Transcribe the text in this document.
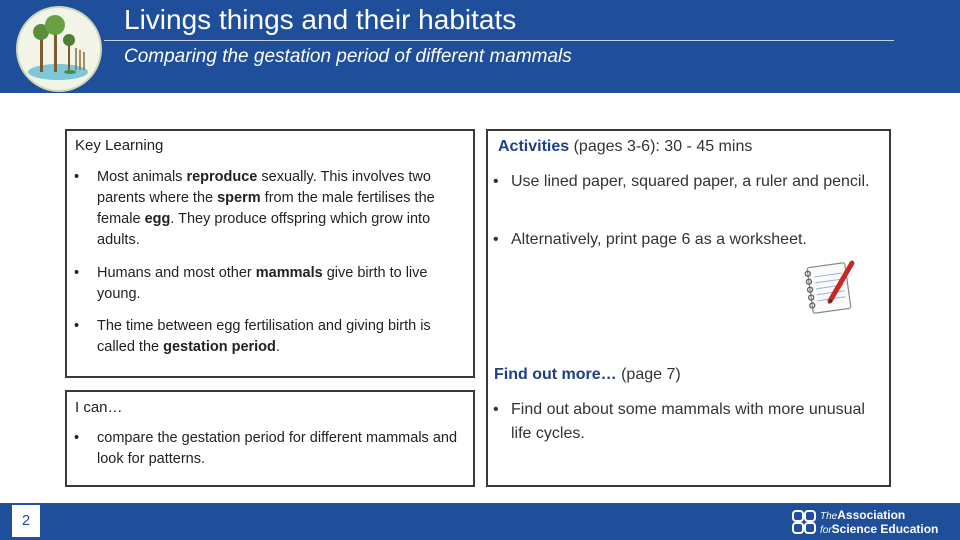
Livings things and their habitats
Comparing the gestation period of different mammals
Key Learning
• Most animals reproduce sexually. This involves two parents where the sperm from the male fertilises the female egg. They produce offspring which grow into adults.
• Humans and most other mammals give birth to live young.
• The time between egg fertilisation and giving birth is called the gestation period.
I can…
• compare the gestation period for different mammals and look for patterns.
Activities (pages 3-6): 30 - 45 mins
• Use lined paper, squared paper, a ruler and pencil.
• Alternatively, print page 6 as a worksheet.
Find out more… (page 7)
• Find out about some mammals with more unusual life cycles.
2	TheAssociation
forScience Education
